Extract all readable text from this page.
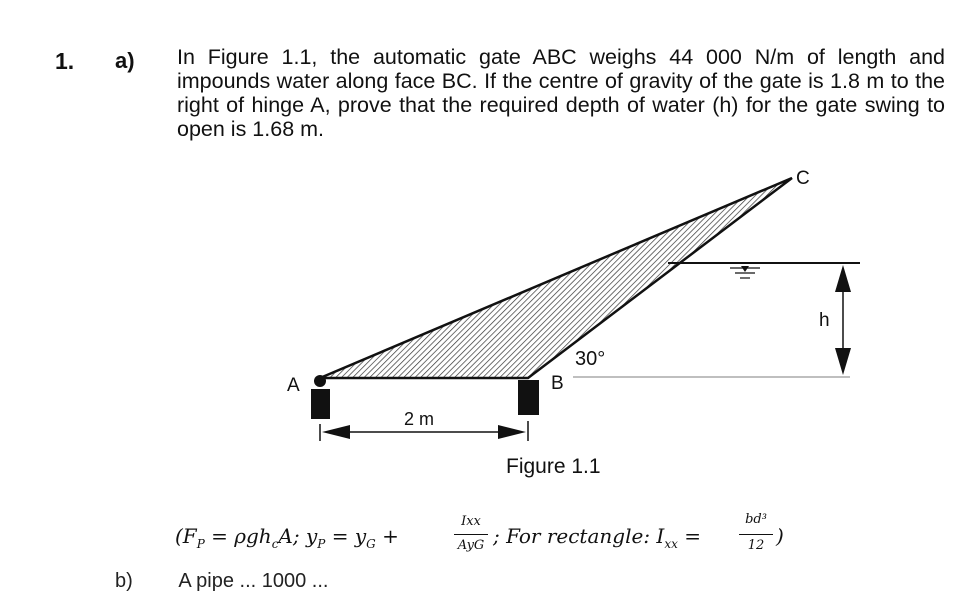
1. a) In Figure 1.1, the automatic gate ABC weighs 44 000 N/m of length and impounds water along face BC. If the centre of gravity of the gate is 1.8 m to the right of hinge A, prove that the required depth of water (h) for the gate swing to open is 1.68 m.
A	B
C
h
30°
2 m
Figure 1.1
($F_P = \rho gh_cA$; $y_P = y_G$ +
Ixx
AyG ; For rectangle: $I_{xx}$ =
bd³
12 )
b) A pipe ... 1000 ...
